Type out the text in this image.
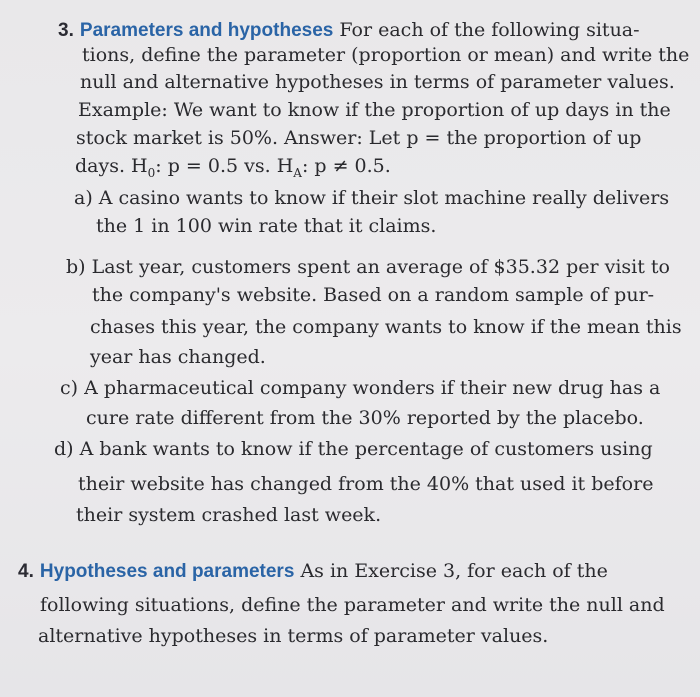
3. Parameters and hypotheses For each of the following situa-
tions, define the parameter (proportion or mean) and write the
null and alternative hypotheses in terms of parameter values.
Example: We want to know if the proportion of up days in the
stock market is 50%. Answer: Let p = the proportion of up
days. $H_0$: p = 0.5 vs. $H_A$: p ≠ 0.5.
a) A casino wants to know if their slot machine really delivers
the 1 in 100 win rate that it claims.
b) Last year, customers spent an average of $35.32 per visit to
the company's website. Based on a random sample of pur-
chases this year, the company wants to know if the mean this
year has changed.
c) A pharmaceutical company wonders if their new drug has a
cure rate different from the 30% reported by the placebo.
d) A bank wants to know if the percentage of customers using
their website has changed from the 40% that used it before
their system crashed last week.
4. Hypotheses and parameters As in Exercise 3, for each of the
following situations, define the parameter and write the null and
alternative hypotheses in terms of parameter values.
